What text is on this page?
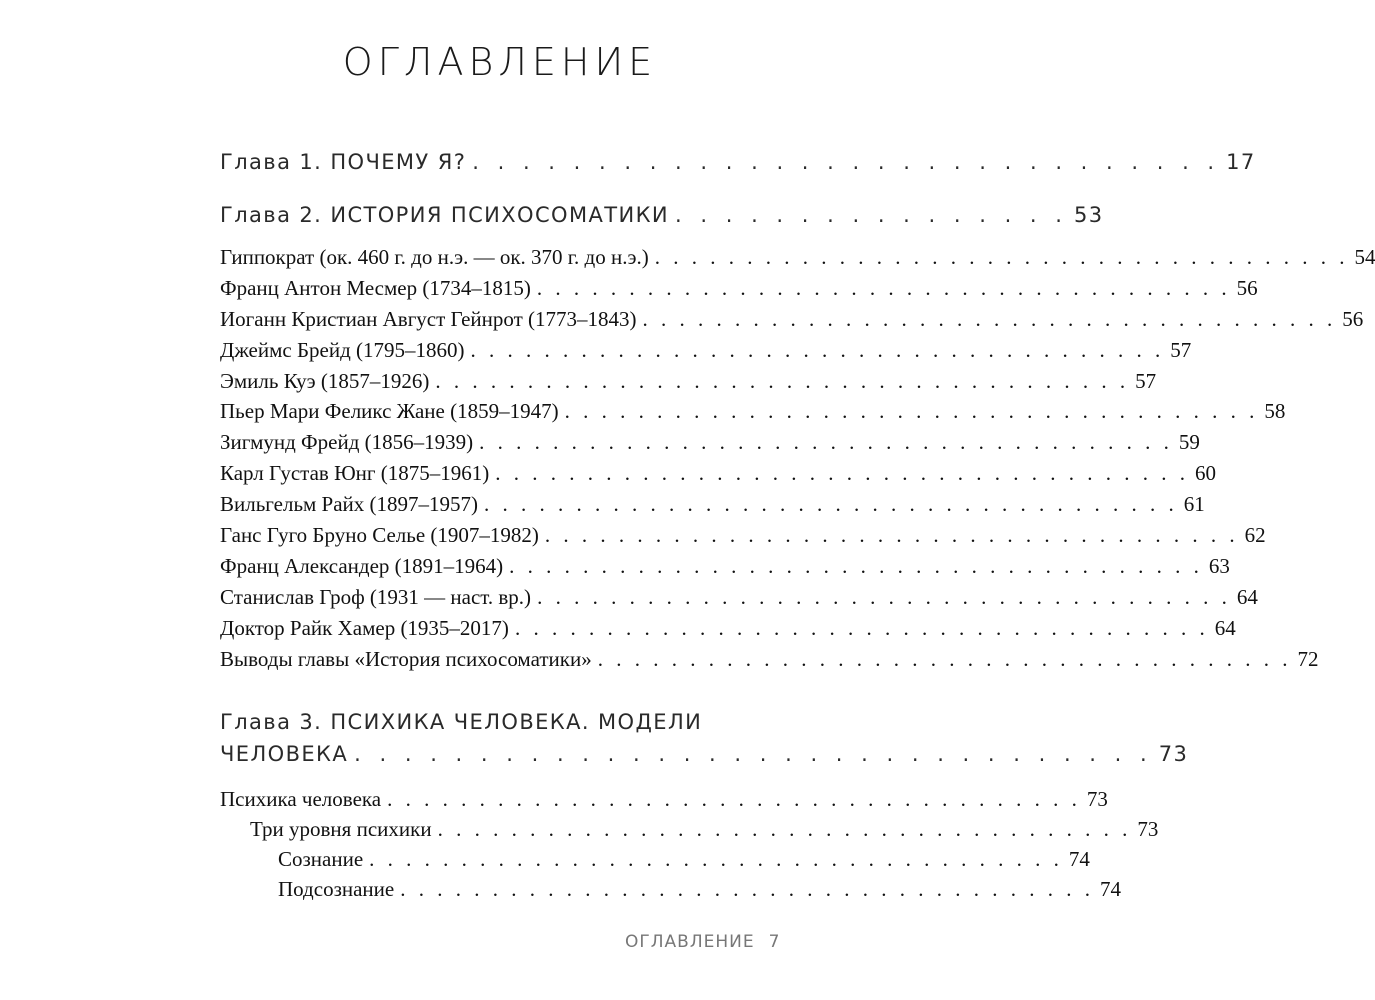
ОГЛАВЛЕНИЕ
Глава 1. ПОЧЕМУ Я? . . . . . . . . . . . . . . . . . . . . . . . . . . . . . . 17
Глава 2. ИСТОРИЯ ПСИХОСОМАТИКИ . . . . . . . . . . . . . . . . 53
Гиппократ (ок. 460 г. до н.э. — ок. 370 г. до н.э.) . . . . . . . . . . . . . . . . . . . . . . . . . . . . . . . . . . . . . . 54
Франц Антон Месмер (1734–1815) . . . . . . . . . . . . . . . . . . . . . . . . . . . . . . . . . . . . . . 56
Иоганн Кристиан Август Гейнрот (1773–1843) . . . . . . . . . . . . . . . . . . . . . . . . . . . . . . . . . . . . . . 56
Джеймс Брейд (1795–1860) . . . . . . . . . . . . . . . . . . . . . . . . . . . . . . . . . . . . . . 57
Эмиль Куэ (1857–1926) . . . . . . . . . . . . . . . . . . . . . . . . . . . . . . . . . . . . . . 57
Пьер Мари Феликс Жане (1859–1947) . . . . . . . . . . . . . . . . . . . . . . . . . . . . . . . . . . . . . . 58
Зигмунд Фрейд (1856–1939) . . . . . . . . . . . . . . . . . . . . . . . . . . . . . . . . . . . . . . 59
Карл Густав Юнг (1875–1961) . . . . . . . . . . . . . . . . . . . . . . . . . . . . . . . . . . . . . . 60
Вильгельм Райх (1897–1957) . . . . . . . . . . . . . . . . . . . . . . . . . . . . . . . . . . . . . . 61
Ганс Гуго Бруно Селье (1907–1982) . . . . . . . . . . . . . . . . . . . . . . . . . . . . . . . . . . . . . . 62
Франц Александер (1891–1964) . . . . . . . . . . . . . . . . . . . . . . . . . . . . . . . . . . . . . . 63
Станислав Гроф (1931 — наст. вр.) . . . . . . . . . . . . . . . . . . . . . . . . . . . . . . . . . . . . . . 64
Доктор Райк Хамер (1935–2017) . . . . . . . . . . . . . . . . . . . . . . . . . . . . . . . . . . . . . . 64
Выводы главы «История психосоматики» . . . . . . . . . . . . . . . . . . . . . . . . . . . . . . . . . . . . . . 72
Глава 3. ПСИХИКА ЧЕЛОВЕКА. МОДЕЛИ
ЧЕЛОВЕКА . . . . . . . . . . . . . . . . . . . . . . . . . . . . . . . . 73
Психика человека . . . . . . . . . . . . . . . . . . . . . . . . . . . . . . . . . . . . . . 73
Три уровня психики . . . . . . . . . . . . . . . . . . . . . . . . . . . . . . . . . . . . . . 73
Сознание . . . . . . . . . . . . . . . . . . . . . . . . . . . . . . . . . . . . . . 74
Подсознание . . . . . . . . . . . . . . . . . . . . . . . . . . . . . . . . . . . . . . 74
ОГЛАВЛЕНИЕ 7
